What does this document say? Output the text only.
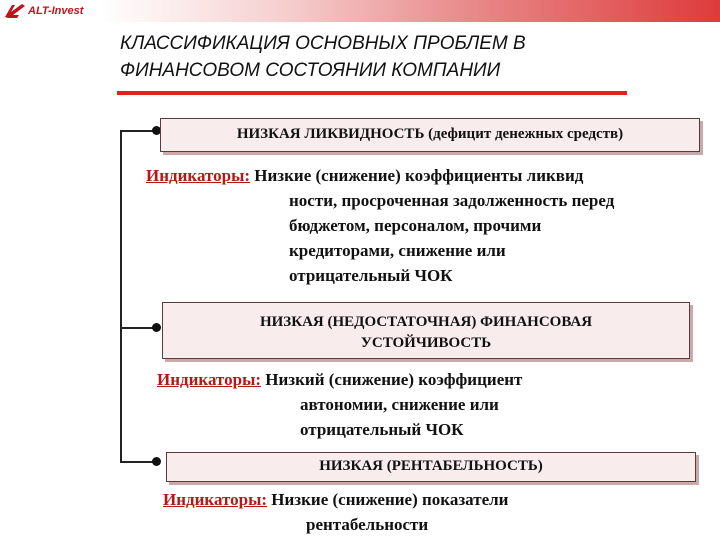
ALT-Invest
КЛАССИФИКАЦИЯ ОСНОВНЫХ ПРОБЛЕМ В
ФИНАНСОВОМ СОСТОЯНИИ КОМПАНИИ
НИЗКАЯ ЛИКВИДНОСТЬ (дефицит денежных средств)
Индикаторы: Низкие (снижение) коэффициенты ликвид
ности, просроченная задолженность перед
бюджетом, персоналом, прочими
кредиторами, снижение или
отрицательный ЧОК
НИЗКАЯ (НЕДОСТАТОЧНАЯ) ФИНАНСОВАЯ
УСТОЙЧИВОСТЬ
Индикаторы: Низкий (снижение) коэффициент
автономии, снижение или
отрицательный ЧОК
НИЗКАЯ (РЕНТАБЕЛЬНОСТЬ)
Индикаторы: Низкие (снижение) показатели
рентабельности
